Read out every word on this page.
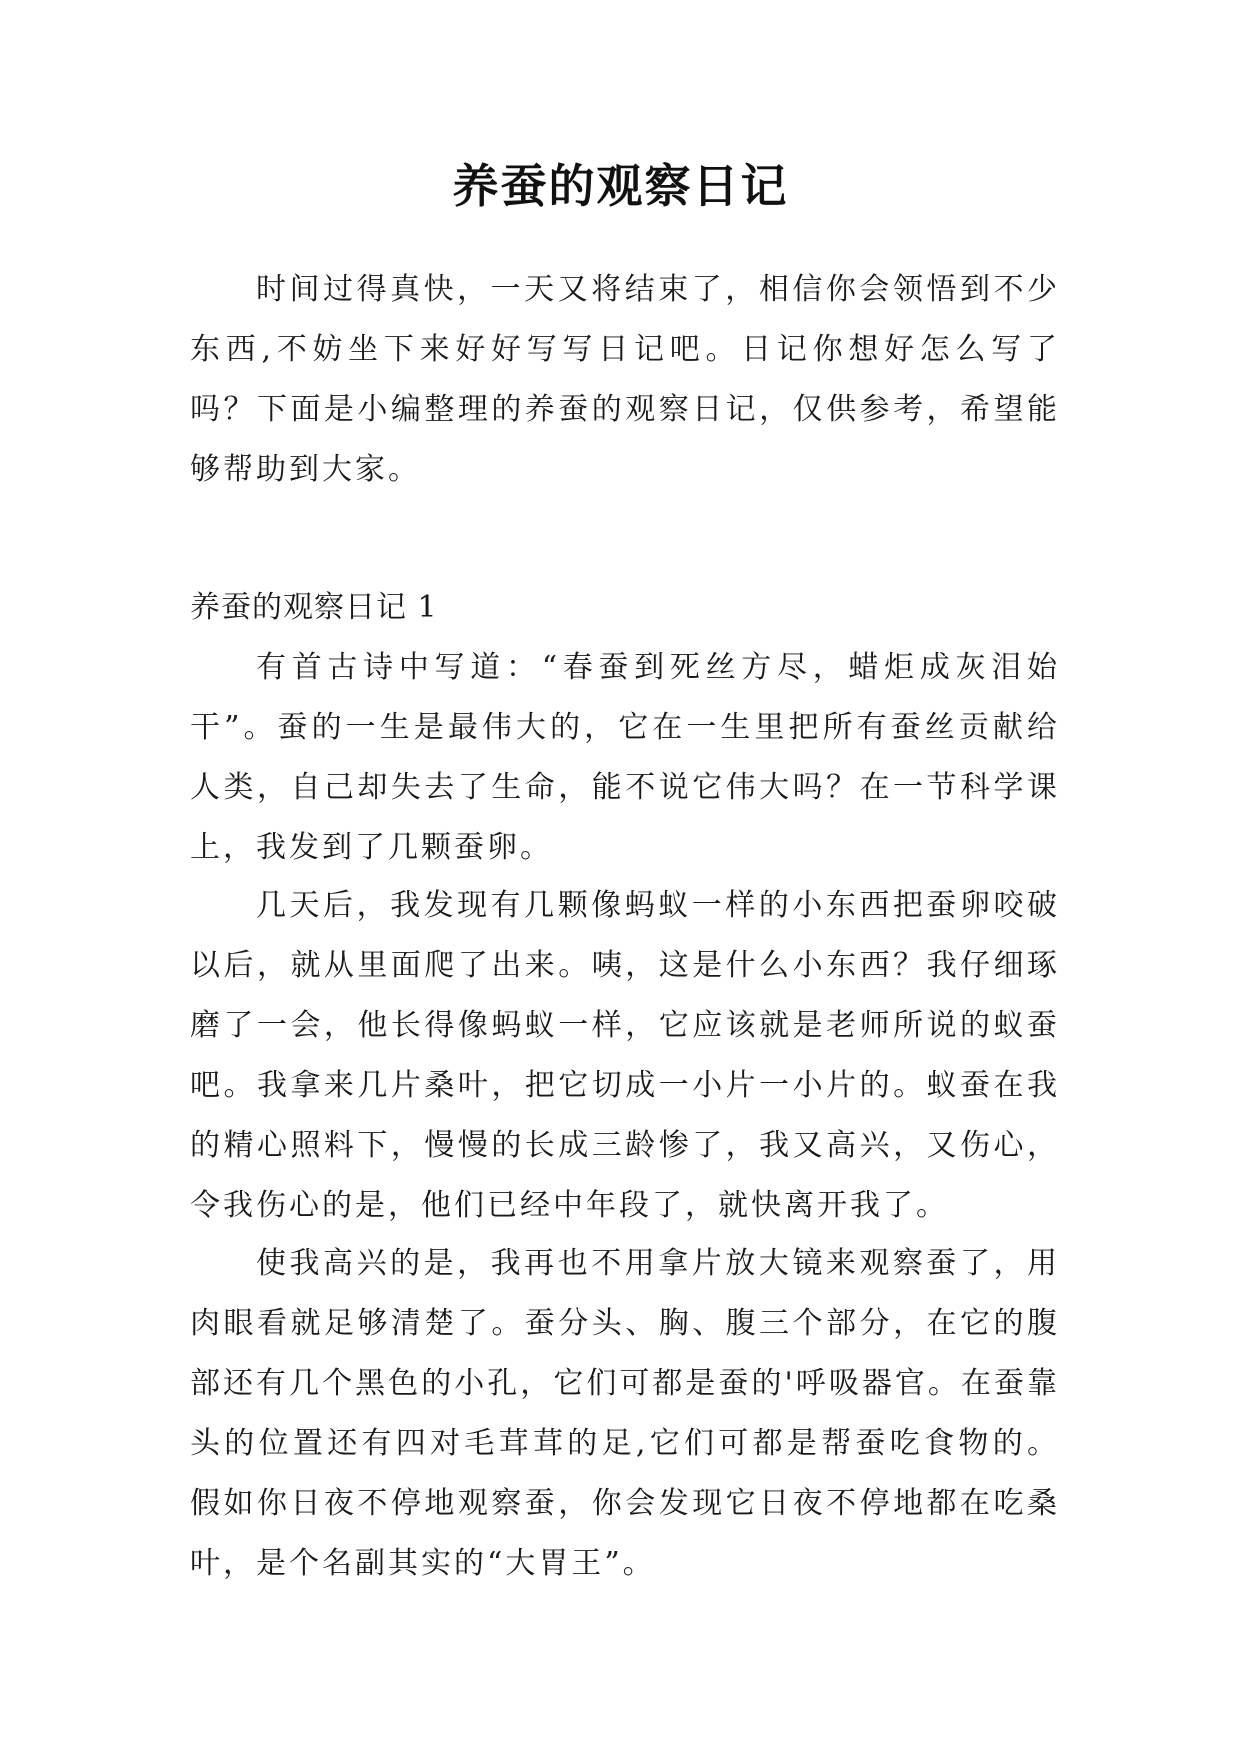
养蚕的观察日记

时间过得真快，一天又将结束了，相信你会领悟到不少东西,不妨坐下来好好写写日记吧。日记你想好怎么写了吗？下面是小编整理的养蚕的观察日记，仅供参考，希望能够帮助到大家。

养蚕的观察日记 1

有首古诗中写道：“春蚕到死丝方尽，蜡炬成灰泪始干”。蚕的一生是最伟大的，它在一生里把所有蚕丝贡献给人类，自己却失去了生命，能不说它伟大吗？在一节科学课上，我发到了几颗蚕卵。

几天后，我发现有几颗像蚂蚁一样的小东西把蚕卵咬破以后，就从里面爬了出来。咦，这是什么小东西？我仔细琢磨了一会，他长得像蚂蚁一样，它应该就是老师所说的蚁蚕吧。我拿来几片桑叶，把它切成一小片一小片的。蚁蚕在我的精心照料下，慢慢的长成三龄惨了，我又高兴，又伤心，令我伤心的是，他们已经中年段了，就快离开我了。

使我高兴的是，我再也不用拿片放大镜来观察蚕了，用肉眼看就足够清楚了。蚕分头、胸、腹三个部分，在它的腹部还有几个黑色的小孔，它们可都是蚕的'呼吸器官。在蚕靠头的位置还有四对毛茸茸的足,它们可都是帮蚕吃食物的。假如你日夜不停地观察蚕，你会发现它日夜不停地都在吃桑叶，是个名副其实的“大胃王”。
